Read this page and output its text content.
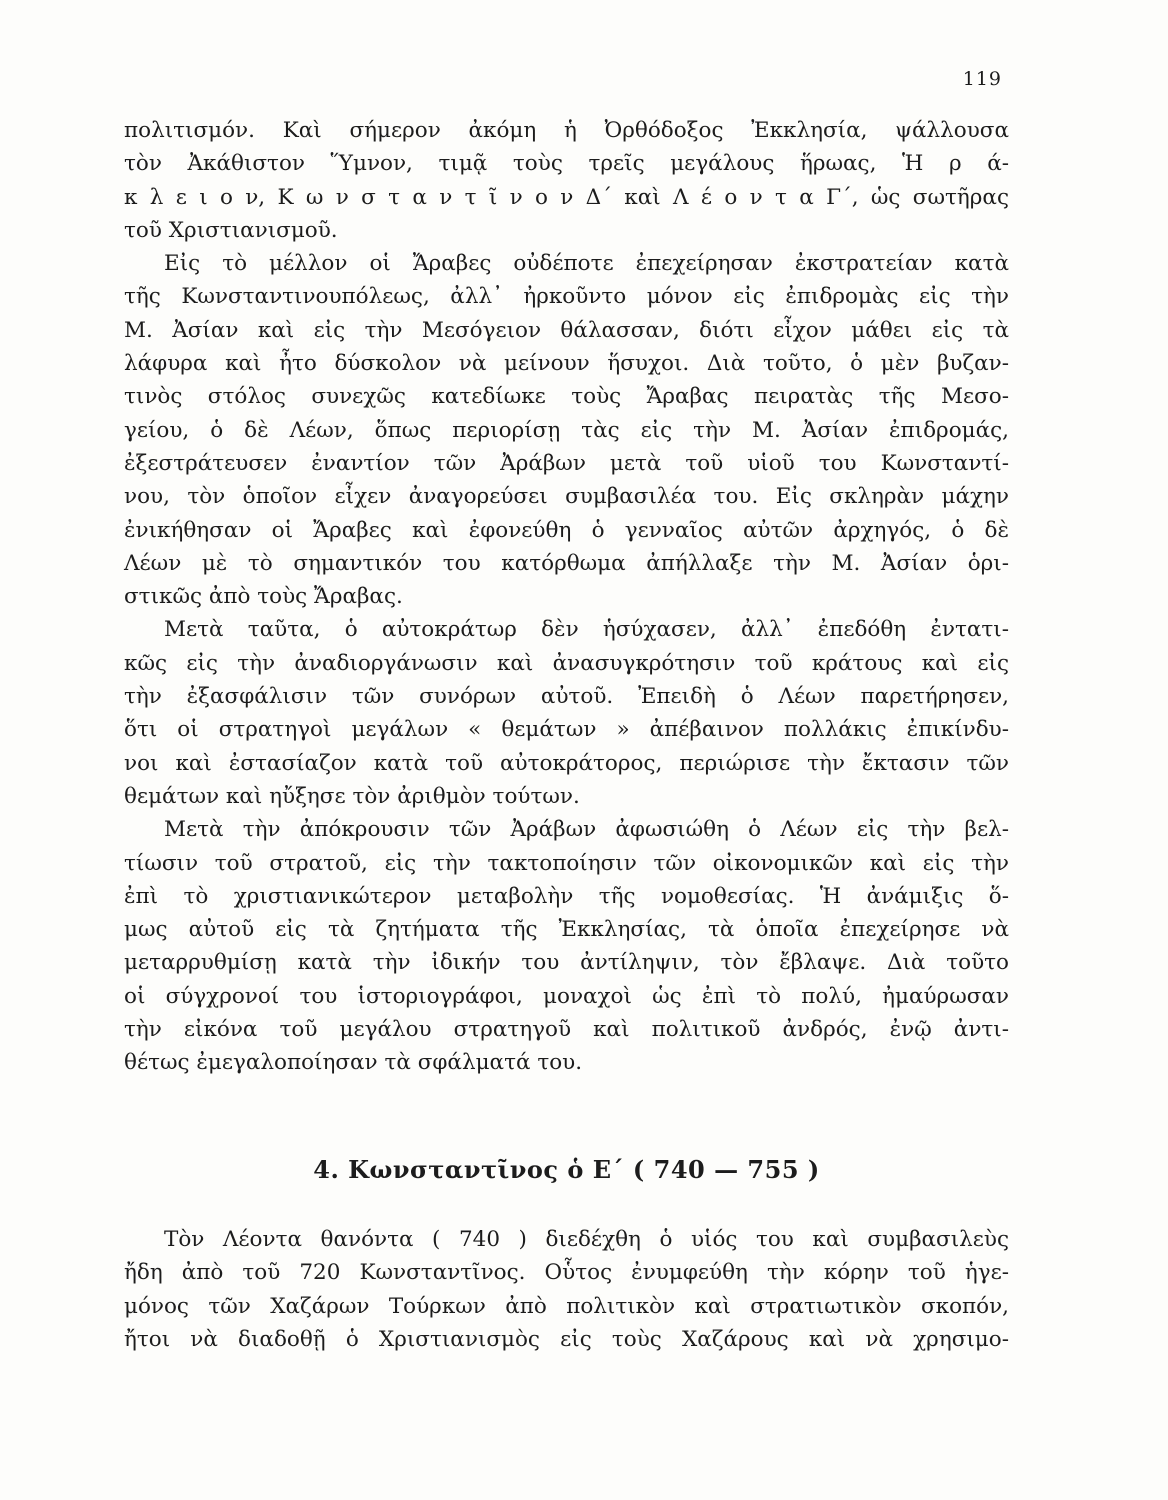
119
πολιτισμόν. Καὶ σήμερον ἀκόμη ἡ Ὀρθόδοξος Ἐκκλησία, ψάλλουσα
τὸν Ἀκάθιστον Ὕμνον, τιμᾷ τοὺς τρεῖς μεγάλους ἥρωας, Ἡ ρ ά-
κ λ ε ι ο ν, Κ ω ν σ τ α ν τ ῖ ν ο ν Δ΄ καὶ Λ έ ο ν τ α Γ΄, ὡς σωτῆρας
τοῦ Χριστιανισμοῦ.
Εἰς τὸ μέλλον οἱ Ἄραβες οὐδέποτε ἐπεχείρησαν ἐκστρατείαν κατὰ
τῆς Κωνσταντινουπόλεως, ἀλλ᾽ ἠρκοῦντο μόνον εἰς ἐπιδρομὰς εἰς τὴν
Μ. Ἀσίαν καὶ εἰς τὴν Μεσόγειον θάλασσαν, διότι εἶχον μάθει εἰς τὰ
λάφυρα καὶ ἦτο δύσκολον νὰ μείνουν ἥσυχοι. Διὰ τοῦτο, ὁ μὲν βυζαν-
τινὸς στόλος συνεχῶς κατεδίωκε τοὺς Ἄραβας πειρατὰς τῆς Μεσο-
γείου, ὁ δὲ Λέων, ὅπως περιορίσῃ τὰς εἰς τὴν Μ. Ἀσίαν ἐπιδρομάς,
ἐξεστράτευσεν ἐναντίον τῶν Ἀράβων μετὰ τοῦ υἱοῦ του Κωνσταντί-
νου, τὸν ὁποῖον εἶχεν ἀναγορεύσει συμβασιλέα του. Εἰς σκληρὰν μάχην
ἐνικήθησαν οἱ Ἄραβες καὶ ἐφονεύθη ὁ γενναῖος αὐτῶν ἀρχηγός, ὁ δὲ
Λέων μὲ τὸ σημαντικόν του κατόρθωμα ἀπήλλαξε τὴν Μ. Ἀσίαν ὁρι-
στικῶς ἀπὸ τοὺς Ἄραβας.
Μετὰ ταῦτα, ὁ αὐτοκράτωρ δὲν ἡσύχασεν, ἀλλ᾽ ἐπεδόθη ἐντατι-
κῶς εἰς τὴν ἀναδιοργάνωσιν καὶ ἀνασυγκρότησιν τοῦ κράτους καὶ εἰς
τὴν ἐξασφάλισιν τῶν συνόρων αὐτοῦ. Ἐπειδὴ ὁ Λέων παρετήρησεν,
ὅτι οἱ στρατηγοὶ μεγάλων « θεμάτων » ἀπέβαινον πολλάκις ἐπικίνδυ-
νοι καὶ ἐστασίαζον κατὰ τοῦ αὐτοκράτορος, περιώρισε τὴν ἔκτασιν τῶν
θεμάτων καὶ ηὔξησε τὸν ἀριθμὸν τούτων.
Μετὰ τὴν ἀπόκρουσιν τῶν Ἀράβων ἀφωσιώθη ὁ Λέων εἰς τὴν βελ-
τίωσιν τοῦ στρατοῦ, εἰς τὴν τακτοποίησιν τῶν οἰκονομικῶν καὶ εἰς τὴν
ἐπὶ τὸ χριστιανικώτερον μεταβολὴν τῆς νομοθεσίας. Ἡ ἀνάμιξις ὅ-
μως αὐτοῦ εἰς τὰ ζητήματα τῆς Ἐκκλησίας, τὰ ὁποῖα ἐπεχείρησε νὰ
μεταρρυθμίσῃ κατὰ τὴν ἰδικήν του ἀντίληψιν, τὸν ἔβλαψε. Διὰ τοῦτο
οἱ σύγχρονοί του ἱστοριογράφοι, μοναχοὶ ὡς ἐπὶ τὸ πολύ, ἠμαύρωσαν
τὴν εἰκόνα τοῦ μεγάλου στρατηγοῦ καὶ πολιτικοῦ ἀνδρός, ἐνῷ ἀντι-
θέτως ἐμεγαλοποίησαν τὰ σφάλματά του.
4. Κωνσταντῖνος ὁ Ε΄ ( 740 — 755 )
Τὸν Λέοντα θανόντα ( 740 ) διεδέχθη ὁ υἱός του καὶ συμβασιλεὺς
ἤδη ἀπὸ τοῦ 720 Κωνσταντῖνος. Οὗτος ἐνυμφεύθη τὴν κόρην τοῦ ἡγε-
μόνος τῶν Χαζάρων Τούρκων ἀπὸ πολιτικὸν καὶ στρατιωτικὸν σκοπόν,
ἤτοι νὰ διαδοθῇ ὁ Χριστιανισμὸς εἰς τοὺς Χαζάρους καὶ νὰ χρησιμο-
